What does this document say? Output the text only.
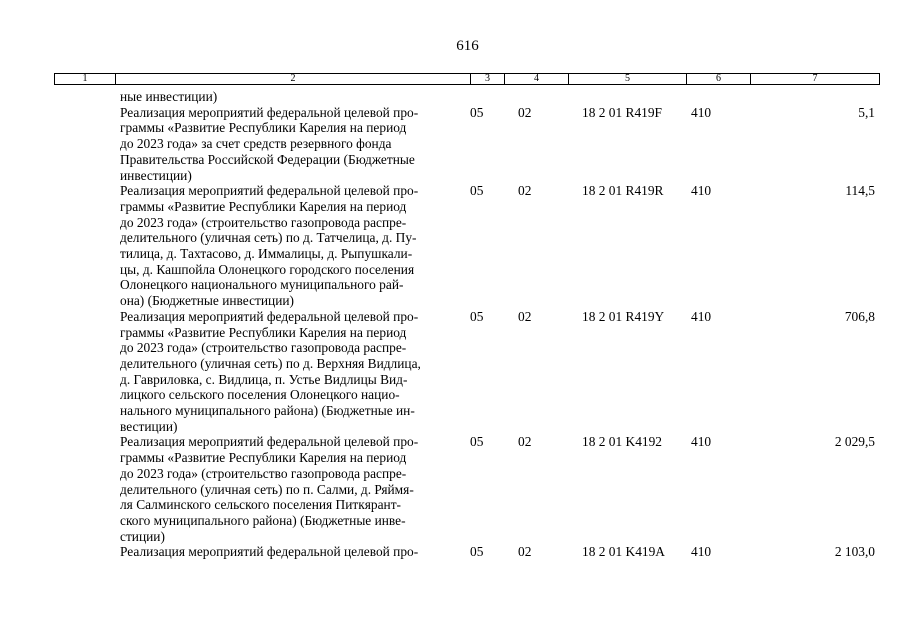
616
1	2	3	4	5	6	7
ные инвестиции)
Реализация мероприятий федеральной целевой про-
граммы «Развитие Республики Карелия на период
до 2023 года» за счет средств резервного фонда
Правительства Российской Федерации (Бюджетные
инвестиции)
05	02	18 2 01 R419F 410	5,1
Реализация мероприятий федеральной целевой про-
граммы «Развитие Республики Карелия на период
до 2023 года» (строительство газопровода распре-
делительного (уличная сеть) по д. Татчелица, д. Пу-
тилица, д. Тахтасово, д. Иммалицы, д. Рыпушкали-
цы, д. Кашпойла Олонецкого городского поселения
Олонецкого национального муниципального рай-
она) (Бюджетные инвестиции)
05	02	18 2 01 R419R 410	114,5
Реализация мероприятий федеральной целевой про-
граммы «Развитие Республики Карелия на период
до 2023 года» (строительство газопровода распре-
делительного (уличная сеть) по д. Верхняя Видлица,
д. Гавриловка, с. Видлица, п. Устье Видлицы Вид-
лицкого сельского поселения Олонецкого нацио-
нального муниципального района) (Бюджетные ин-
вестиции)
05	02	18 2 01 R419Y 410	706,8
Реализация мероприятий федеральной целевой про-
граммы «Развитие Республики Карелия на период
до 2023 года» (строительство газопровода распре-
делительного (уличная сеть) по п. Салми, д. Ряймя-
ля Салминского сельского поселения Питкярант-
ского муниципального района) (Бюджетные инве-
стиции)
05	02	18 2 01 K4192 410	2 029,5
Реализация мероприятий федеральной целевой про-	05	02	18 2 01 K419A 410	2 103,0
